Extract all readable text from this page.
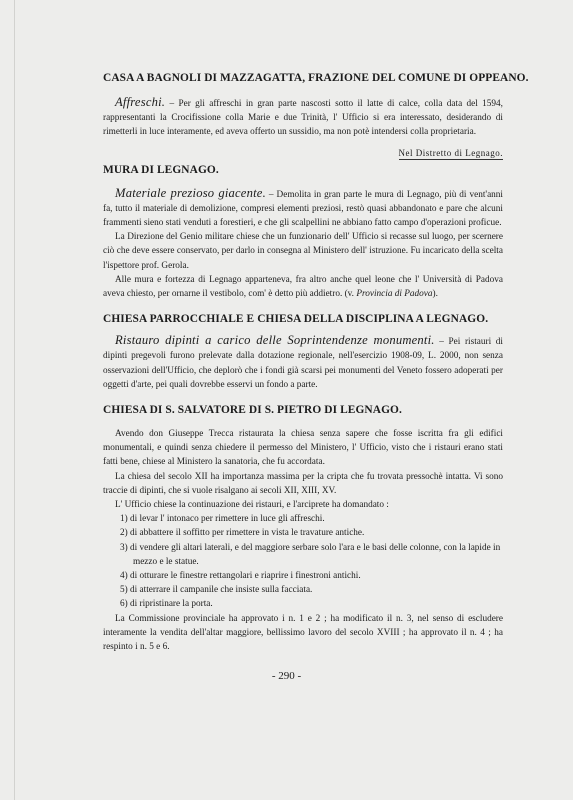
CASA A BAGNOLI DI MAZZAGATTA, FRAZIONE DEL COMUNE DI OPPEANO.

Affreschi. – Per gli affreschi in gran parte nascosti sotto il latte di calce, colla data del 1594, rappresentanti la Crocifissione colla Marie e due Trinità, l' Ufficio si era interessato, desiderando di rimetterli in luce interamente, ed aveva offerto un sussidio, ma non potè intendersi colla proprietaria.

Nel Distretto di Legnago.
MURA DI LEGNAGO.

Materiale prezioso giacente. – Demolita in gran parte le mura di Legnago, più di vent'anni fa, tutto il materiale di demolizione, compresi elementi preziosi, restò quasi abbandonato e pare che alcuni frammenti sieno stati venduti a forestieri, e che gli scalpellini ne abbiano fatto campo d'operazioni proficue.

La Direzione del Genio militare chiese che un funzionario dell' Ufficio si recasse sul luogo, per scernere ciò che deve essere conservato, per darlo in consegna al Ministero dell' istruzione. Fu incaricato della scelta l'ispettore prof. Gerola.

Alle mura e fortezza di Legnago apparteneva, fra altro anche quel leone che l' Università di Padova aveva chiesto, per ornarne il vestibolo, com' è detto più addietro. (v. Provincia di Padova).

CHIESA PARROCCHIALE E CHIESA DELLA DISCIPLINA A LEGNAGO.

Ristauro dipinti a carico delle Soprintendenze monumenti. – Pei ristauri di dipinti pregevoli furono prelevate dalla dotazione regionale, nell'esercizio 1908-09, L. 2000, non senza osservazioni dell'Ufficio, che deplorò che i fondi già scarsi pei monumenti del Veneto fossero adoperati per oggetti d'arte, pei quali dovrebbe esservi un fondo a parte.

CHIESA DI S. SALVATORE DI S. PIETRO DI LEGNAGO.

Avendo don Giuseppe Trecca ristaurata la chiesa senza sapere che fosse iscritta fra gli edifici monumentali, e quindi senza chiedere il permesso del Ministero, l' Ufficio, visto che i ristauri erano stati fatti bene, chiese al Ministero la sanatoria, che fu accordata.

La chiesa del secolo XII ha importanza massima per la cripta che fu trovata pressochè intatta. Vi sono traccie di dipinti, che si vuole risalgano ai secoli XII, XIII, XV.

L' Ufficio chiese la continuazione dei ristauri, e l'arciprete ha domandato :

1) di levar l' intonaco per rimettere in luce gli affreschi.
2) di abbattere il soffitto per rimettere in vista le travature antiche.
3) di vendere gli altari laterali, e del maggiore serbare solo l'ara e le basi delle colonne, con la lapide in mezzo e le statue.
4) di otturare le finestre rettangolari e riaprire i finestroni antichi.
5) di atterrare il campanile che insiste sulla facciata.
6) di ripristinare la porta.

La Commissione provinciale ha approvato i n. 1 e 2 ; ha modificato il n. 3, nel senso di escludere interamente la vendita dell'altar maggiore, bellissimo lavoro del secolo XVIII ; ha approvato il n. 4 ; ha respinto i n. 5 e 6.

- 290 -
